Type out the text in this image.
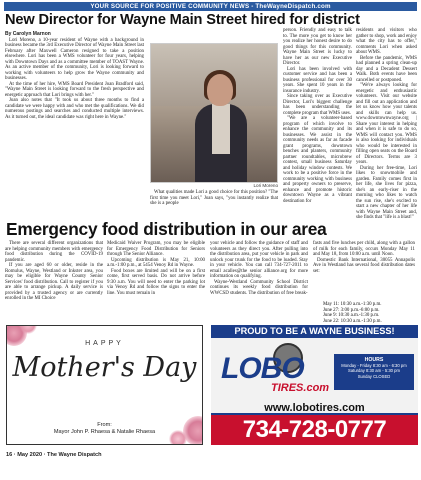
YOUR SOURCE FOR POSITIVE COMMUNITY NEWS - TheWayneDispatch.com
New Director for Wayne Main Street hired for district

By Carolyn Marnon

Lori Moreno, a 10-year resident of Wayne with a background in business became the 3rd Executive Director of Wayne Main Street last February after Maxwell Cameron resigned to take a position elsewhere. Lori has been a WMS volunteer for four years, helping with Downtown Days and as a committee member of TOAST Wayne. As an active member of the community, Lori is looking forward to working with volunteers to help grow the Wayne community and businesses.

At the time of her hire, WMS Board President Joan Bradford said, "Wayne Main Street is looking forward to the fresh perspective and energetic approach that Lori brings with her."

Joan also notes that "It took us about three months to find a candidate we were happy with and who met the qualifications. We did numerous postings and searches and conducted multiple interviews. As it turned out, the ideal candidate was right here in Wayne."

Lori Moreno

What qualities made Lori a good choice for this position? "The first time you meet Lori," Joan says, "you instantly realize that she is a people

person. Friendly and easy to talk to. The more you get to know her you realize her honest desire to do good things for this community. Wayne Main Street is lucky to have her as our new Executive Director.

Lori has been involved with customer service and has been a business professional for over 30 years. She spent 10 years in the insurance industry.

Since taking over as Executive Director, Lori's biggest challenge has been understanding the complete program that WMS uses.

"We are a volunteer-based program of which involve to enhance the community and its businesses. We assist in the community needs as far as facade grant programs, downtown benches and planters, community partner roundtables, microbrew contest, small business Saturday and holiday window contests. We work to be a positive force in the community working with business and property owners to preserve, enhance and promote historic downtown Wayne as a vibrant destination for

residents and visitors who gather to shop, work and enjoy what the city has to offer," comments Lori when asked about WMS.

Before the pandemic, WMS had planned a spring clean-up day and a Decadent Dessert Walk. Both events have been cancelled or postponed.

"We're always looking for energetic and enthusiastic volunteers. Visit our website and fill out an application and let us know how your talents and skills can help us. www.downtownwayne.org | Share your interest in helping and when it is safe to do so, WMS will contact you. WMS is also looking for individuals who would be interested in filling open seats on the Board of Directors. Terms are 3 years.

During her free-time, Lori likes to snowmobile and garden. Family comes first in her life, she lives for pizza, she's an early-riser in the morning who likes to watch the sun rise, she's excited to start a new chapter of her life with Wayne Main Street and, she finds that "life is a blast!"

Emergency food distribution in our area

There are several different organizations that are helping community members with emergency food distribution during the COVID-19 pandemic.

If you are aged 60 or older, reside in the Romulus, Wayne, Westland or Inkster area, you may be eligible for Wayne County Senior Services' food distribution. Call to register if you are able to arrange pickup. A daily service is provided by a trusted agency or are currently enrolled in the MI Choice

Medicaid Waiver Program, you may be eligible for Emergency Food Distribution for Seniors through The Senior Alliance.

Upcoming distribution is May 21, 10:00 a.m.-1:00 p.m., at 5454 Venoy Rd in Wayne.

Food boxes are limited and will be on a first come, first served basis. Do not arrive before 9:30 a.m. You will need to enter the parking lot via Venoy Rd and follow the signs to enter the line. You must remain in

your vehicle and follow the guidance of staff and volunteers as they direct you. After pulling into the distribution area, put your vehicle in park and unlock your trunk for the food to be loaded. Stay in your vehicle. You can call 734-727-2011 to email acalles@the senior alliance.org for more information on qualifying.

Wayne-Westland Community School District continues its weekly food distribution for WWCSD students. The distribution of free break-

fasts and five lunches per child, along with a gallon of milk for each family, occurs Monday May 11 and May 18, from 10:00 a.m. until Noon.

Domestic Bank International, 30055 Annapolis Ave in Westland has several food distribution dates set:

May 11: 10:30 a.m.-1:30 p.m.
June 27: 3:00 p.m.-6:00 p.m.
June 9: 10:30 a.m.-1:30 p.m.
June 22: 10:30 a.m.-1:30 p.m.
HAPPY
Mother's Day
From:
Mayor John P. Rhaesa & Natalie Rhaesa
PROUD TO BE A WAYNE BUSINESS!
LOBO
TIRES.com
HOURS
Monday - Friday 8:30 am - 6:30 pm
Saturday 8:30 am - 5:30 pm
Sunday CLOSED
www.lobotires.com
734-728-0777
16 · May 2020 · The Wayne Dispatch
